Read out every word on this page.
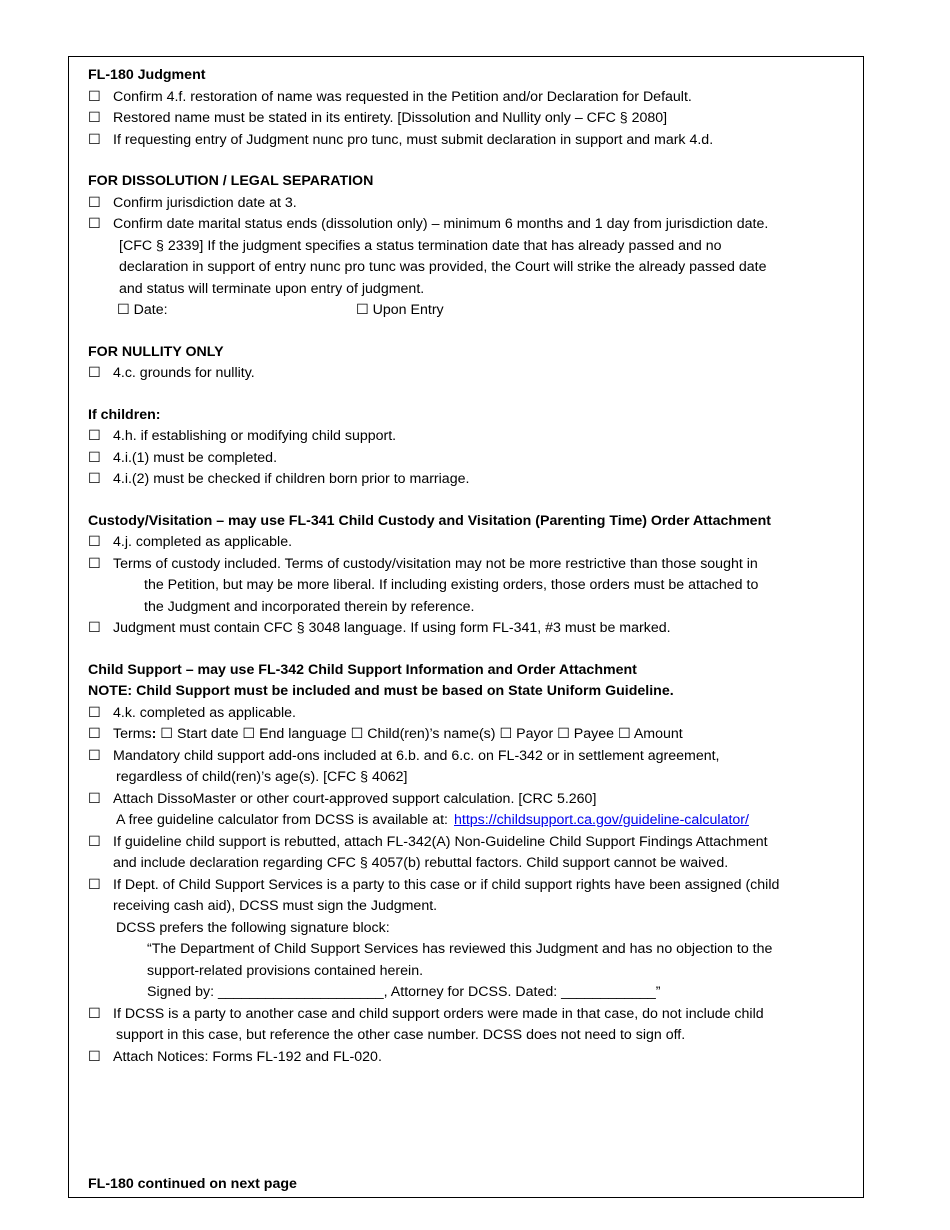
FL-180 Judgment

☐ Confirm 4.f. restoration of name was requested in the Petition and/or Declaration for Default.
☐ Restored name must be stated in its entirety. [Dissolution and Nullity only – CFC § 2080]
☐ If requesting entry of Judgment nunc pro tunc, must submit declaration in support and mark 4.d.

FOR DISSOLUTION / LEGAL SEPARATION

☐ Confirm jurisdiction date at 3.
☐ Confirm date marital status ends (dissolution only) – minimum 6 months and 1 day from jurisdiction date.
[CFC § 2339] If the judgment specifies a status termination date that has already passed and no
declaration in support of entry nunc pro tunc was provided, the Court will strike the already passed date
and status will terminate upon entry of judgment.
☐ Date:	☐ Upon Entry

FOR NULLITY ONLY

☐ 4.c. grounds for nullity.

If children:

☐ 4.h. if establishing or modifying child support.
☐ 4.i.(1) must be completed.
☐ 4.i.(2) must be checked if children born prior to marriage.

Custody/Visitation – may use FL-341 Child Custody and Visitation (Parenting Time) Order Attachment

☐ 4.j. completed as applicable.
☐ Terms of custody included. Terms of custody/visitation may not be more restrictive than those sought in
the Petition, but may be more liberal. If including existing orders, those orders must be attached to
the Judgment and incorporated therein by reference.
☐ Judgment must contain CFC § 3048 language. If using form FL-341, #3 must be marked.

Child Support – may use FL-342 Child Support Information and Order Attachment

NOTE: Child Support must be included and must be based on State Uniform Guideline.

☐ 4.k. completed as applicable.
☐ Terms: ☐ Start date ☐ End language ☐ Child(ren)’s name(s) ☐ Payor ☐ Payee ☐ Amount
☐ Mandatory child support add-ons included at 6.b. and 6.c. on FL-342 or in settlement agreement,
regardless of child(ren)’s age(s). [CFC § 4062]
☐ Attach DissoMaster or other court-approved support calculation. [CRC 5.260]
A free guideline calculator from DCSS is available at: https://childsupport.ca.gov/guideline-calculator/
☐ If guideline child support is rebutted, attach FL-342(A) Non-Guideline Child Support Findings Attachment
and include declaration regarding CFC § 4057(b) rebuttal factors. Child support cannot be waived.
☐ If Dept. of Child Support Services is a party to this case or if child support rights have been assigned (child
receiving cash aid), DCSS must sign the Judgment.
DCSS prefers the following signature block:
“The Department of Child Support Services has reviewed this Judgment and has no objection to the
support-related provisions contained herein.
Signed by: _____________________, Attorney for DCSS. Dated: ____________”
☐ If DCSS is a party to another case and child support orders were made in that case, do not include child
support in this case, but reference the other case number. DCSS does not need to sign off.
☐ Attach Notices: Forms FL-192 and FL-020.
FL-180 continued on next page
